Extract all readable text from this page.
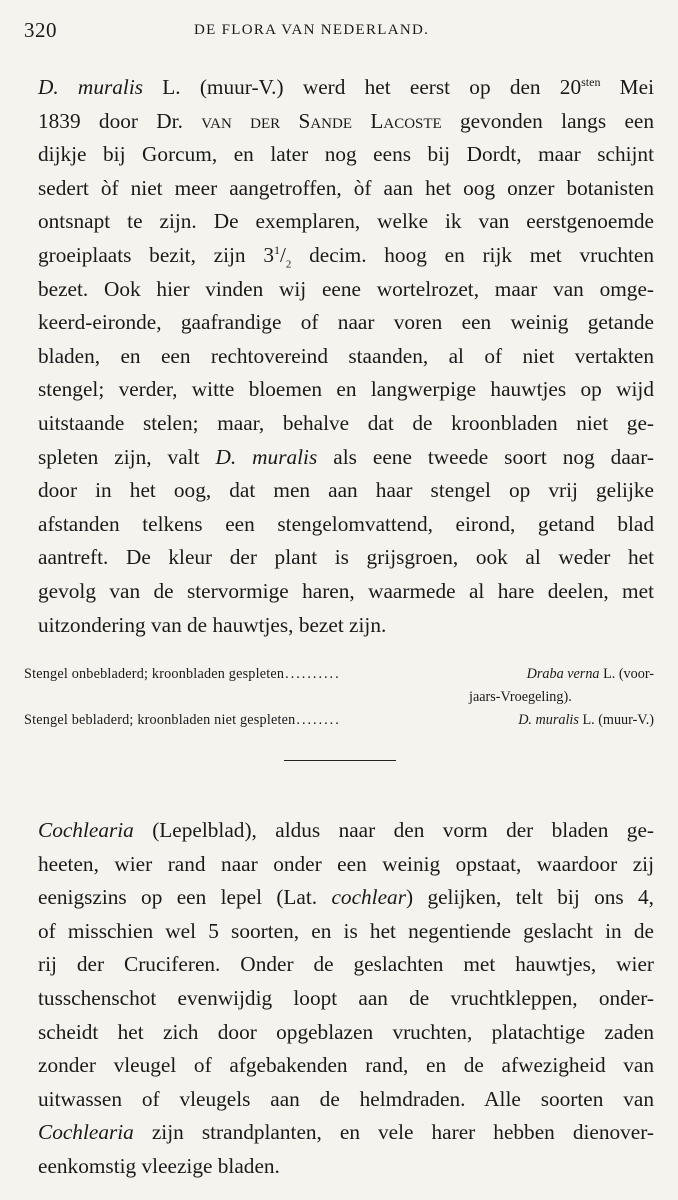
320	DE FLORA VAN NEDERLAND.

D. muralis L. (muur-V.) werd het eerst op den $20^{sten}$ Mei
1839 door Dr. van der Sande Lacoste gevonden langs een
dijkje bij Gorcum, en later nog eens bij Dordt, maar schijnt
sedert òf niet meer aangetroffen, òf aan het oog onzer botanisten
ontsnapt te zijn. De exemplaren, welke ik van eerstgenoemde
groeiplaats bezit, zijn $3^1/_2$ decim. hoog en rijk met vruchten
bezet. Ook hier vinden wij eene wortelrozet, maar van omge-
keerd-eironde, gaafrandige of naar voren een weinig getande
bladen, en een rechtovereind staanden, al of niet vertakten
stengel; verder, witte bloemen en langwerpige hauwtjes op wijd
uitstaande stelen; maar, behalve dat de kroonbladen niet ge-
spleten zijn, valt D. muralis als eene tweede soort nog daar-
door in het oog, dat men aan haar stengel op vrij gelijke
afstanden telkens een stengelomvattend, eirond, getand blad
aantreft. De kleur der plant is grijsgroen, ook al weder het
gevolg van de stervormige haren, waarmede al hare deelen, met
uitzondering van de hauwtjes, bezet zijn.

Stengel onbebladerd; kroonbladen gespleten ..........	Draba verna L. (voor-
jaars-Vroegeling).
Stengel bebladerd; kroonbladen niet gespleten ........	D. muralis L. (muur-V.)

Cochlearia (Lepelblad), aldus naar den vorm der bladen ge-
heeten, wier rand naar onder een weinig opstaat, waardoor zij
eenigszins op een lepel (Lat. cochlear) gelijken, telt bij ons 4,
of misschien wel 5 soorten, en is het negentiende geslacht in de
rij der Cruciferen. Onder de geslachten met hauwtjes, wier
tusschenschot evenwijdig loopt aan de vruchtkleppen, onder-
scheidt het zich door opgeblazen vruchten, platachtige zaden
zonder vleugel of afgebakenden rand, en de afwezigheid van
uitwassen of vleugels aan de helmdraden. Alle soorten van
Cochlearia zijn strandplanten, en vele harer hebben dienover-
eenkomstig vleezige bladen.
